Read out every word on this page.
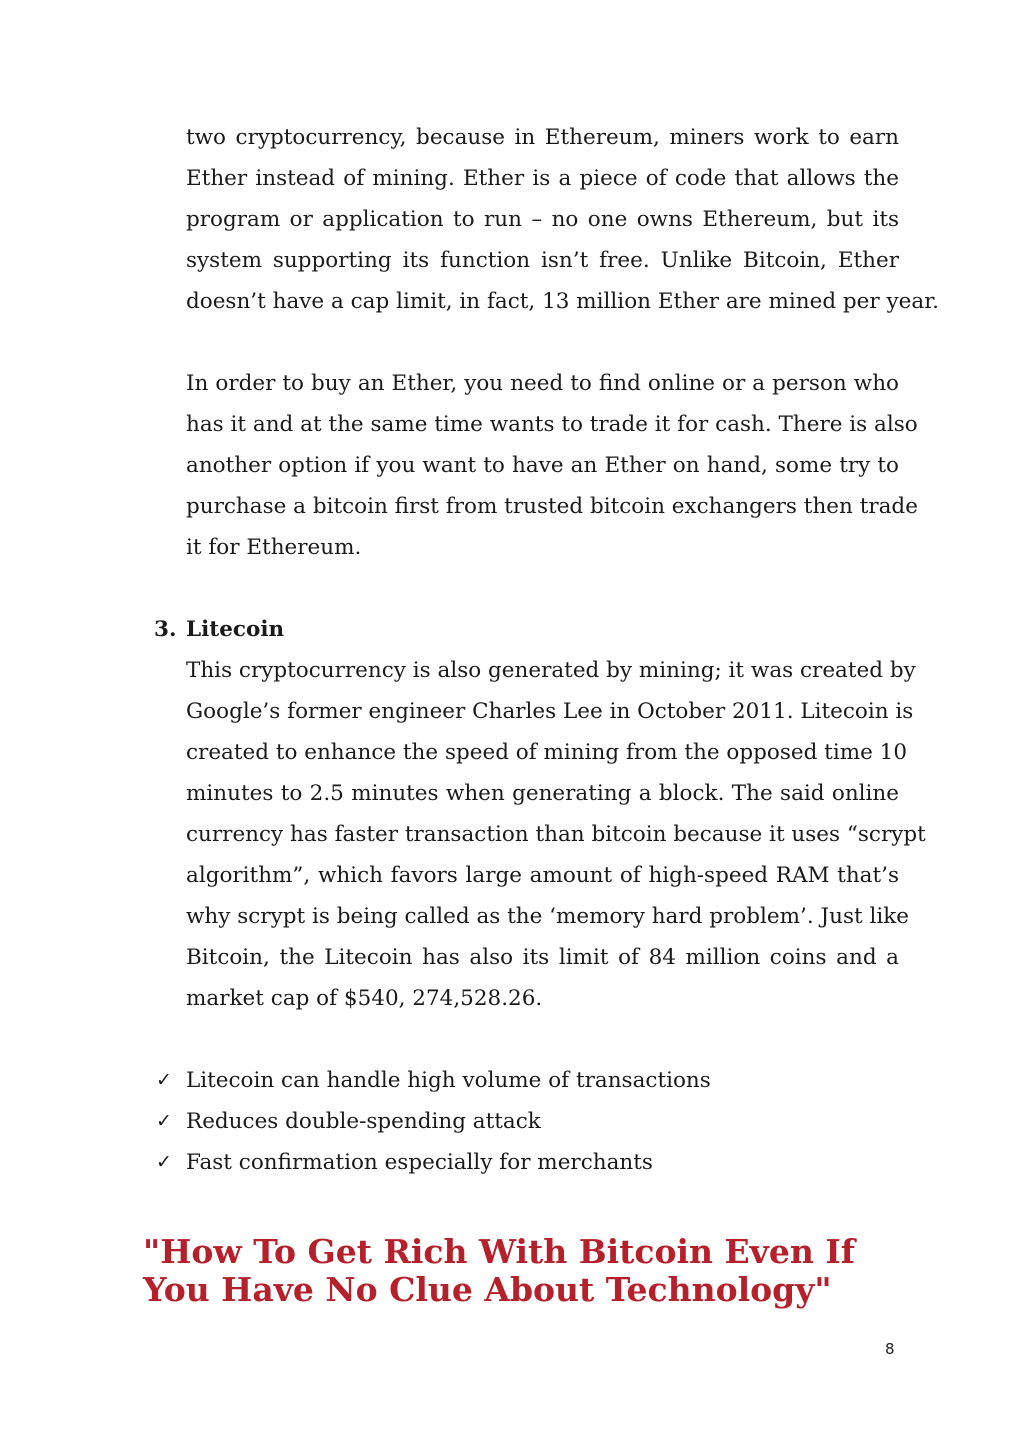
two cryptocurrency, because in Ethereum, miners work to earn
Ether instead of mining. Ether is a piece of code that allows the
program or application to run – no one owns Ethereum, but its
system supporting its function isn’t free. Unlike Bitcoin, Ether
doesn’t have a cap limit, in fact, 13 million Ether are mined per year.

In order to buy an Ether, you need to find online or a person who
has it and at the same time wants to trade it for cash. There is also
another option if you want to have an Ether on hand, some try to
purchase a bitcoin first from trusted bitcoin exchangers then trade
it for Ethereum.

3. Litecoin

This cryptocurrency is also generated by mining; it was created by
Google’s former engineer Charles Lee in October 2011. Litecoin is
created to enhance the speed of mining from the opposed time 10
minutes to 2.5 minutes when generating a block. The said online
currency has faster transaction than bitcoin because it uses “scrypt
algorithm”, which favors large amount of high-speed RAM that’s
why scrypt is being called as the ‘memory hard problem’. Just like
Bitcoin, the Litecoin has also its limit of 84 million coins and a
market cap of $540, 274,528.26.

✓ Litecoin can handle high volume of transactions
✓ Reduces double-spending attack
✓ Fast confirmation especially for merchants
"How To Get Rich With Bitcoin Even If
You Have No Clue About Technology"
8
